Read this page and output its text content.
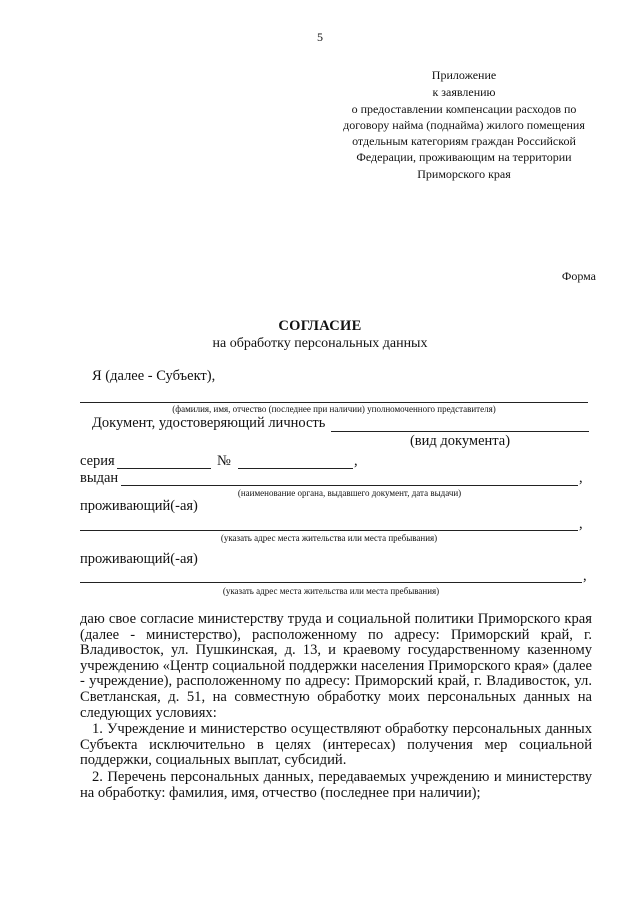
5
Приложение
к заявлению
о предоставлении компенсации расходов по
договору найма (поднайма) жилого помещения
отдельным категориям граждан Российской
Федерации, проживающим на территории
Приморского края
Форма
СОГЛАСИЕ
на обработку персональных данных
Я (далее - Субъект),
(фамилия, имя, отчество (последнее при наличии) уполномоченного представителя)
Документ, удостоверяющий личность
(вид документа)
серия	№	,
выдан	,
(наименование органа, выдавшего документ, дата выдачи)
проживающий(-ая)
,
(указать адрес места жительства или места пребывания)
проживающий(-ая)
,
(указать адрес места жительства или места пребывания)

даю свое согласие министерству труда и социальной политики Приморского края (далее - министерство), расположенному по адресу: Приморский край, г. Владивосток, ул. Пушкинская, д. 13, и краевому государственному казенному учреждению «Центр социальной поддержки населения Приморского края» (далее - учреждение), расположенному по адресу: Приморский край, г. Владивосток, ул. Светланская, д. 51, на совместную обработку моих персональных данных на следующих условиях:

1. Учреждение и министерство осуществляют обработку персональных данных Субъекта исключительно в целях (интересах) получения мер социальной поддержки, социальных выплат, субсидий.

2. Перечень персональных данных, передаваемых учреждению и министерству на обработку: фамилия, имя, отчество (последнее при наличии);
